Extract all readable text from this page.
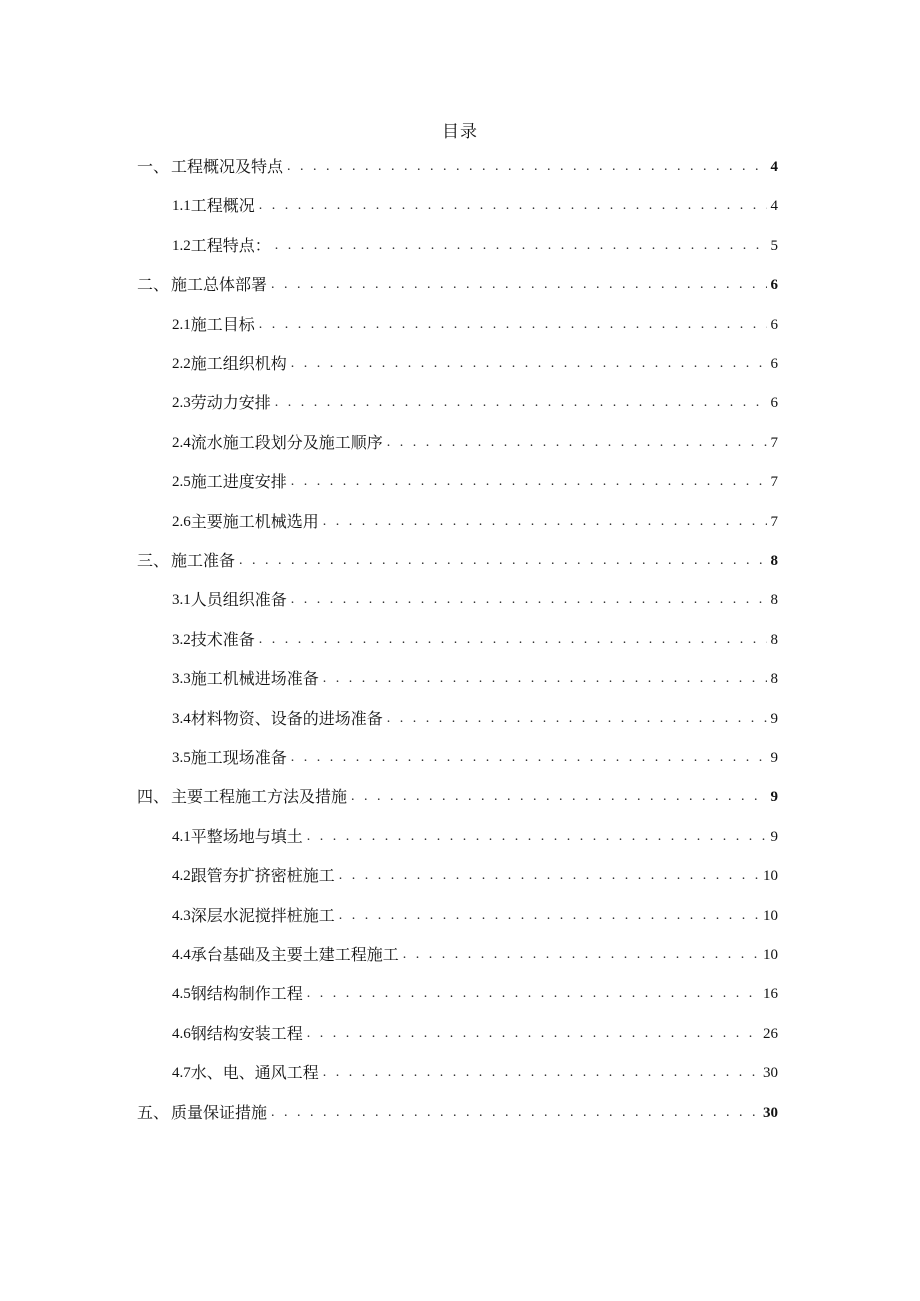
目录
一、 工程概况及特点 . . .	4
1.1 工程概况 . . .	4
1.2 工程特点： . . .	5
二、 施工总体部署 . . .	6
2.1 施工目标 . . .	6
2.2 施工组织机构 . . .	6
2.3 劳动力安排 . . .	6
2.4 流水施工段划分及施工顺序 . . .	7
2.5 施工进度安排 . . .	7
2.6 主要施工机械选用 . . .	7
三、 施工准备 . . .	8
3.1 人员组织准备 . . .	8
3.2 技术准备 . . .	8
3.3 施工机械进场准备 . . .	8
3.4 材料物资、设备的进场准备 . . .	9
3.5 施工现场准备 . . .	9
四、 主要工程施工方法及措施 . . .	9
4.1 平整场地与填土 . . .	9
4.2 跟管夯扩挤密桩施工 . . .	10
4.3 深层水泥搅拌桩施工 . . .	10
4.4 承台基础及主要土建工程施工 . . .	10
4.5 钢结构制作工程 . . .	16
4.6 钢结构安装工程 . . .	26
4.7 水、电、通风工程 . . .	30
五、 质量保证措施 . . .	30
